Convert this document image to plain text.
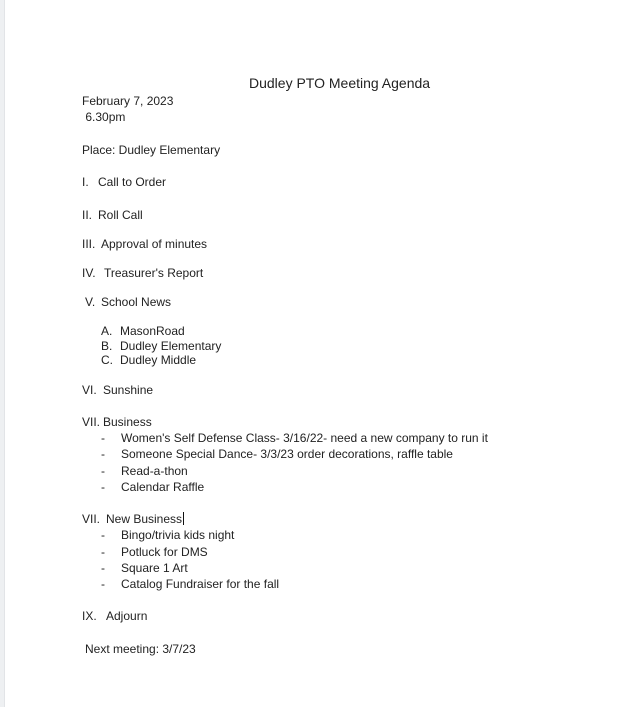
Dudley PTO Meeting Agenda
February 7, 2023
6.30pm
Place: Dudley Elementary
I. Call to Order
II. Roll Call
III. Approval of minutes
IV. Treasurer's Report
V. School News
A. MasonRoad
B. Dudley Elementary
C. Dudley Middle
VI. Sunshine
VII. Business
- Women's Self Defense Class- 3/16/22- need a new company to run it
- Someone Special Dance- 3/3/23 order decorations, raffle table
- Read-a-thon
- Calendar Raffle
VII. New Business
- Bingo/trivia kids night
- Potluck for DMS
- Square 1 Art
- Catalog Fundraiser for the fall
IX. Adjourn
Next meeting: 3/7/23
